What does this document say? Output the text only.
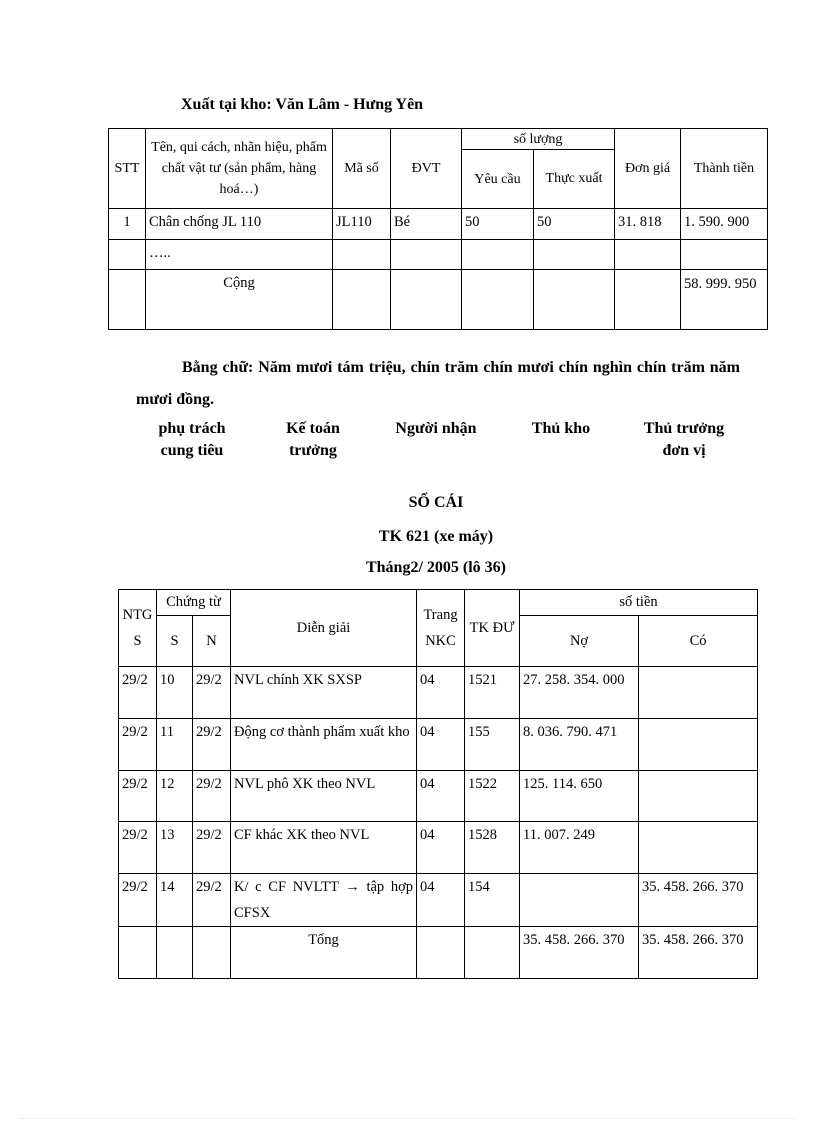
Xuất tại kho: Văn Lâm - Hưng Yên
STT	Tên, qui cách, nhãn hiệu, phẩm chất vật tư (sản phẩm, hàng hoá…)	Mã số	ĐVT	số lượng		Đơn giá	Thành tiền
				Yêu cầu	Thực xuất		
1	Chân chống JL 110	JL110	Bé	50	50	31. 818	1. 590. 900
	…..						
	Cộng						58. 999. 950
Bằng chữ: Năm mươi tám triệu, chín trăm chín mươi chín nghìn chín trăm năm mươi đồng.
phụ trách cung tiêu
Kế toán trưởng
Người nhận	Thủ kho	Thủ trưởng đơn vị
SỔ CÁI
TK 621 (xe máy)
Tháng2/ 2005 (lô 36)
NTGS	Chứng từ		Diễn giải	Trang NKC	TK ĐƯ	số tiền	
	S	N				Nợ	Có
29/2	10	29/2	NVL chính XK SXSP	04	1521	27. 258. 354. 000	
29/2	11	29/2	Động cơ thành phẩm xuất kho	04	155	8. 036. 790. 471	
29/2	12	29/2	NVL phô XK theo NVL	04	1522	125. 114. 650	
29/2	13	29/2	CF khác XK theo NVL	04	1528	11. 007. 249	
29/2	14	29/2	K/ c CF NVLTT → tập hợp CFSX	04	154		35. 458. 266. 370
			Tổng			35. 458. 266. 370	35. 458. 266. 370
